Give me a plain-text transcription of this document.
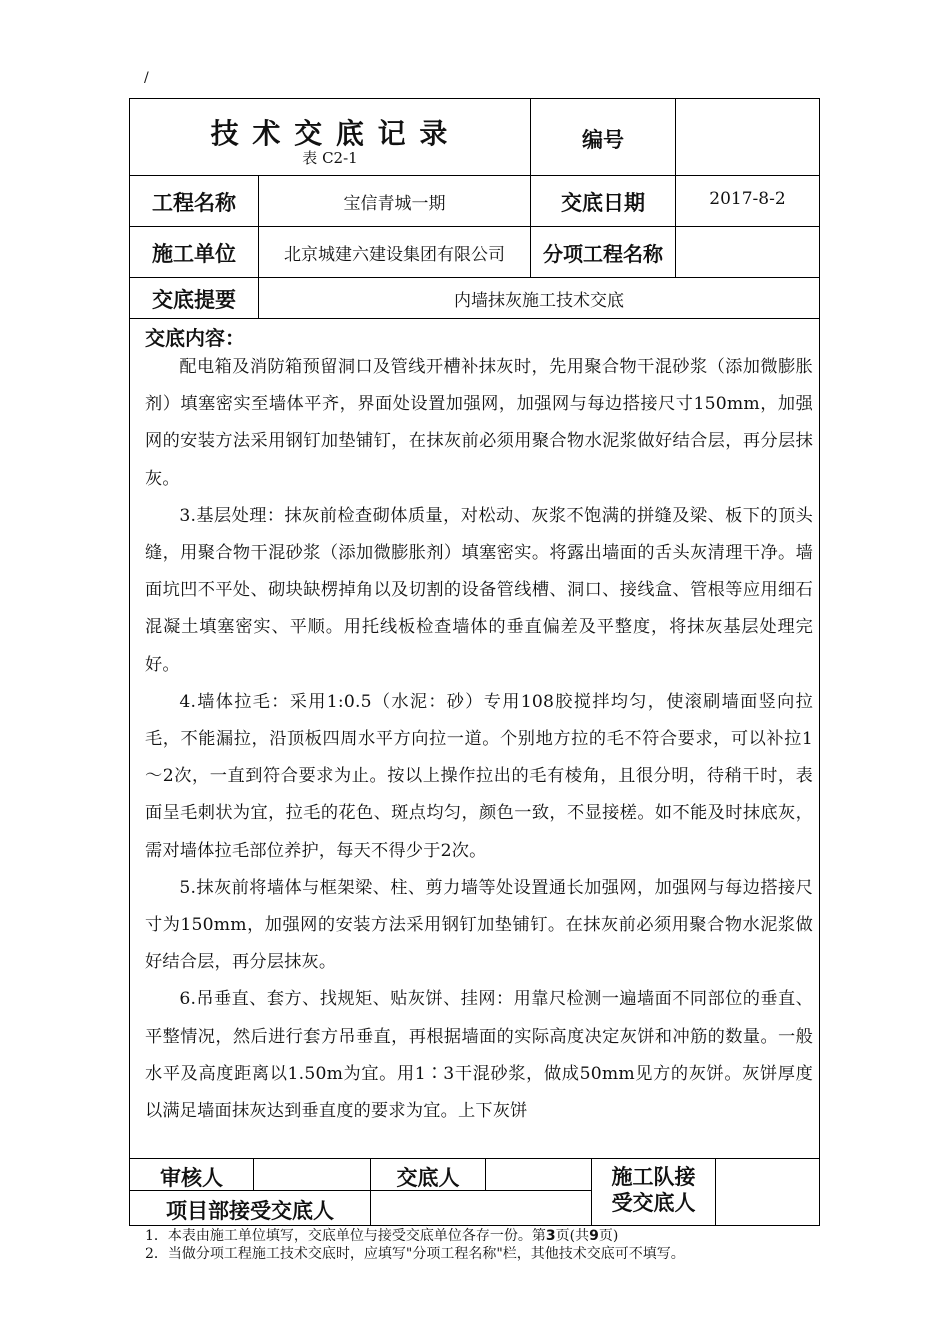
/
技 术 交 底 记 录
表 C2-1
编号
工程名称	宝信青城一期	交底日期	2017-8-2
施工单位	北京城建六建设集团有限公司	分项工程名称
交底提要	内墙抹灰施工技术交底
交底内容：

配电箱及消防箱预留洞口及管线开槽补抹灰时，先用聚合物干混砂浆（添加微膨胀剂）填塞密实至墙体平齐，界面处设置加强网，加强网与每边搭接尺寸150mm，加强网的安装方法采用钢钉加垫铺钉，在抹灰前必须用聚合物水泥浆做好结合层，再分层抹灰。

3.基层处理：抹灰前检查砌体质量，对松动、灰浆不饱满的拼缝及梁、板下的顶头缝，用聚合物干混砂浆（添加微膨胀剂）填塞密实。将露出墙面的舌头灰清理干净。墙面坑凹不平处、砌块缺楞掉角以及切割的设备管线槽、洞口、接线盒、管根等应用细石混凝土填塞密实、平顺。用托线板检查墙体的垂直偏差及平整度，将抹灰基层处理完好。

4.墙体拉毛：采用1:0.5（水泥：砂）专用108胶搅拌均匀，使滚刷墙面竖向拉毛，不能漏拉，沿顶板四周水平方向拉一道。个别地方拉的毛不符合要求，可以补拉1～2次，一直到符合要求为止。按以上操作拉出的毛有棱角，且很分明，待稍干时，表面呈毛刺状为宜，拉毛的花色、斑点均匀，颜色一致，不显接槎。如不能及时抹底灰，需对墙体拉毛部位养护，每天不得少于2次。

5.抹灰前将墙体与框架梁、柱、剪力墙等处设置通长加强网，加强网与每边搭接尺寸为150mm，加强网的安装方法采用钢钉加垫铺钉。在抹灰前必须用聚合物水泥浆做好结合层，再分层抹灰。

6.吊垂直、套方、找规矩、贴灰饼、挂网：用靠尺检测一遍墙面不同部位的垂直、平整情况，然后进行套方吊垂直，再根据墙面的实际高度决定灰饼和冲筋的数量。一般水平及高度距离以1.50m为宜。用1∶3干混砂浆，做成50mm见方的灰饼。灰饼厚度以满足墙面抹灰达到垂直度的要求为宜。上下灰饼

审核人	交底人	施工队接
受交底人
项目部接受交底人
1．本表由施工单位填写，交底单位与接受交底单位各存一份。第3页(共9页)
2．当做分项工程施工技术交底时，应填写"分项工程名称"栏，其他技术交底可不填写。
